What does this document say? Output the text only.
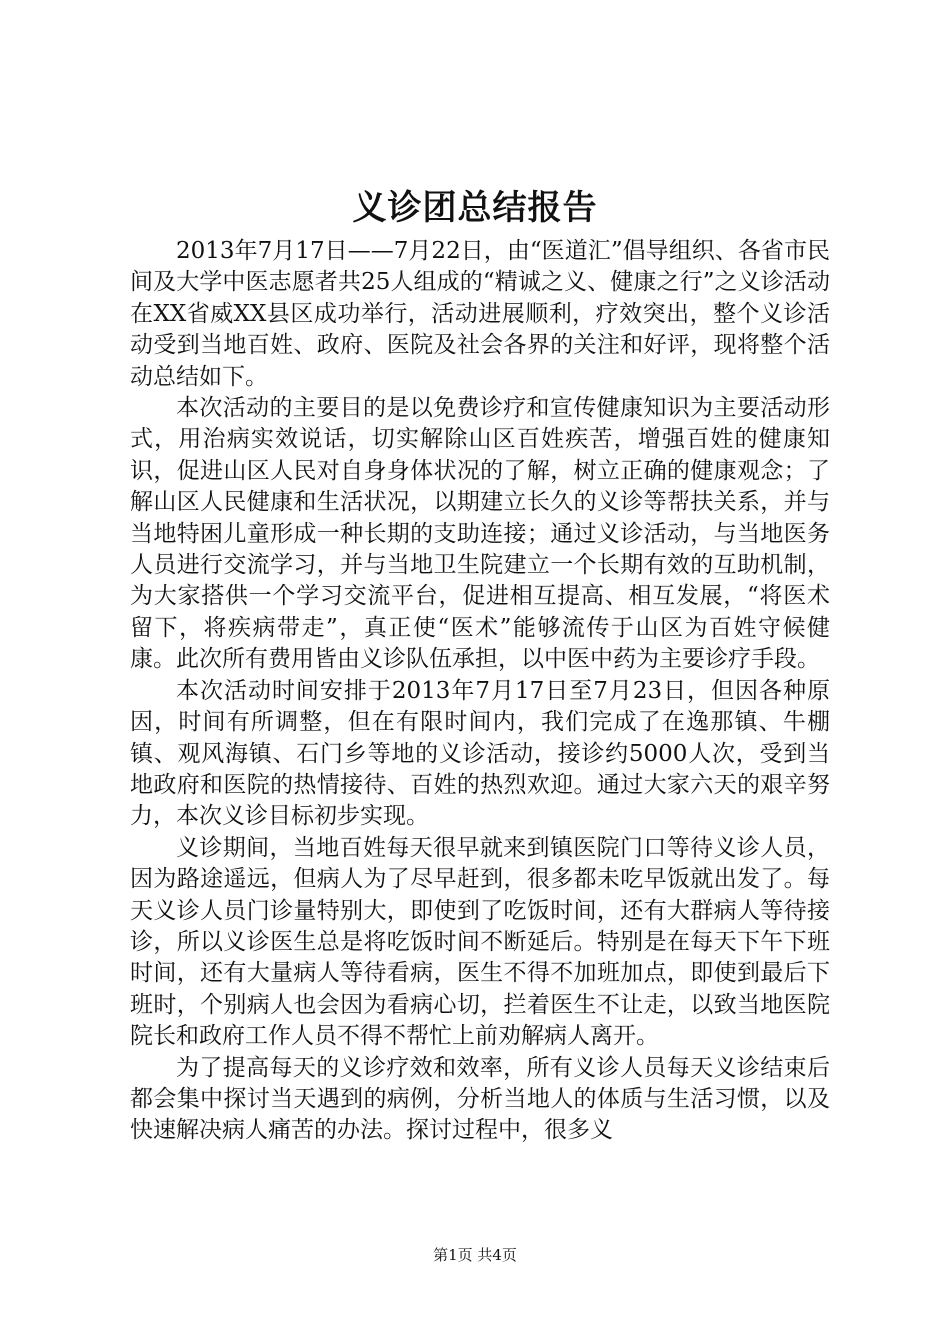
义诊团总结报告

2013年7月17日——7月22日，由“医道汇”倡导组织、各省市民间及大学中医志愿者共25人组成的“精诚之义、健康之行”之义诊活动在XX省威XX县区成功举行，活动进展顺利，疗效突出，整个义诊活动受到当地百姓、政府、医院及社会各界的关注和好评，现将整个活动总结如下。

本次活动的主要目的是以免费诊疗和宣传健康知识为主要活动形式，用治病实效说话，切实解除山区百姓疾苦，增强百姓的健康知识，促进山区人民对自身身体状况的了解，树立正确的健康观念；了解山区人民健康和生活状况，以期建立长久的义诊等帮扶关系，并与当地特困儿童形成一种长期的支助连接；通过义诊活动，与当地医务人员进行交流学习，并与当地卫生院建立一个长期有效的互助机制，为大家搭供一个学习交流平台，促进相互提高、相互发展，“将医术留下，将疾病带走”，真正使“医术”能够流传于山区为百姓守候健康。此次所有费用皆由义诊队伍承担，以中医中药为主要诊疗手段。

本次活动时间安排于2013年7月17日至7月23日，但因各种原因，时间有所调整，但在有限时间内，我们完成了在逸那镇、牛棚镇、观风海镇、石门乡等地的义诊活动，接诊约5000人次，受到当地政府和医院的热情接待、百姓的热烈欢迎。通过大家六天的艰辛努力，本次义诊目标初步实现。

义诊期间，当地百姓每天很早就来到镇医院门口等待义诊人员，因为路途遥远，但病人为了尽早赶到，很多都未吃早饭就出发了。每天义诊人员门诊量特别大，即使到了吃饭时间，还有大群病人等待接诊，所以义诊医生总是将吃饭时间不断延后。特别是在每天下午下班时间，还有大量病人等待看病，医生不得不加班加点，即使到最后下班时，个别病人也会因为看病心切，拦着医生不让走，以致当地医院院长和政府工作人员不得不帮忙上前劝解病人离开。

为了提高每天的义诊疗效和效率，所有义诊人员每天义诊结束后都会集中探讨当天遇到的病例，分析当地人的体质与生活习惯，以及快速解决病人痛苦的办法。探讨过程中，很多义

第1页 共4页
